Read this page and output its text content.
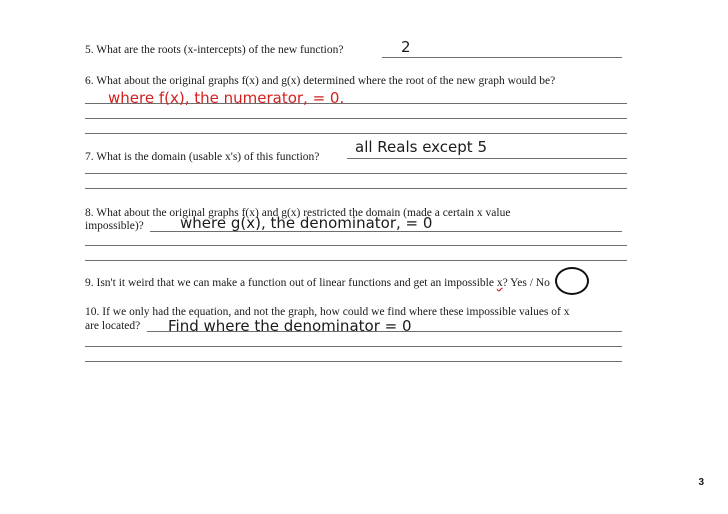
5. What are the roots (x-intercepts) of the new function?	2
6. What about the original graphs f(x) and g(x) determined where the root of the new graph would be?
where f(x), the numerator, = 0.
all Reals except 5
7. What is the domain (usable x's) of this function?
8. What about the original graphs f(x) and g(x) restricted the domain (made a certain x value
impossible)? where g(x), the denominator, = 0
9. Isn't it weird that we can make a function out of linear functions and get an impossible x? Yes / No
10. If we only had the equation, and not the graph, how could we find where these impossible values of x
are located? Find where the denominator = 0
3
